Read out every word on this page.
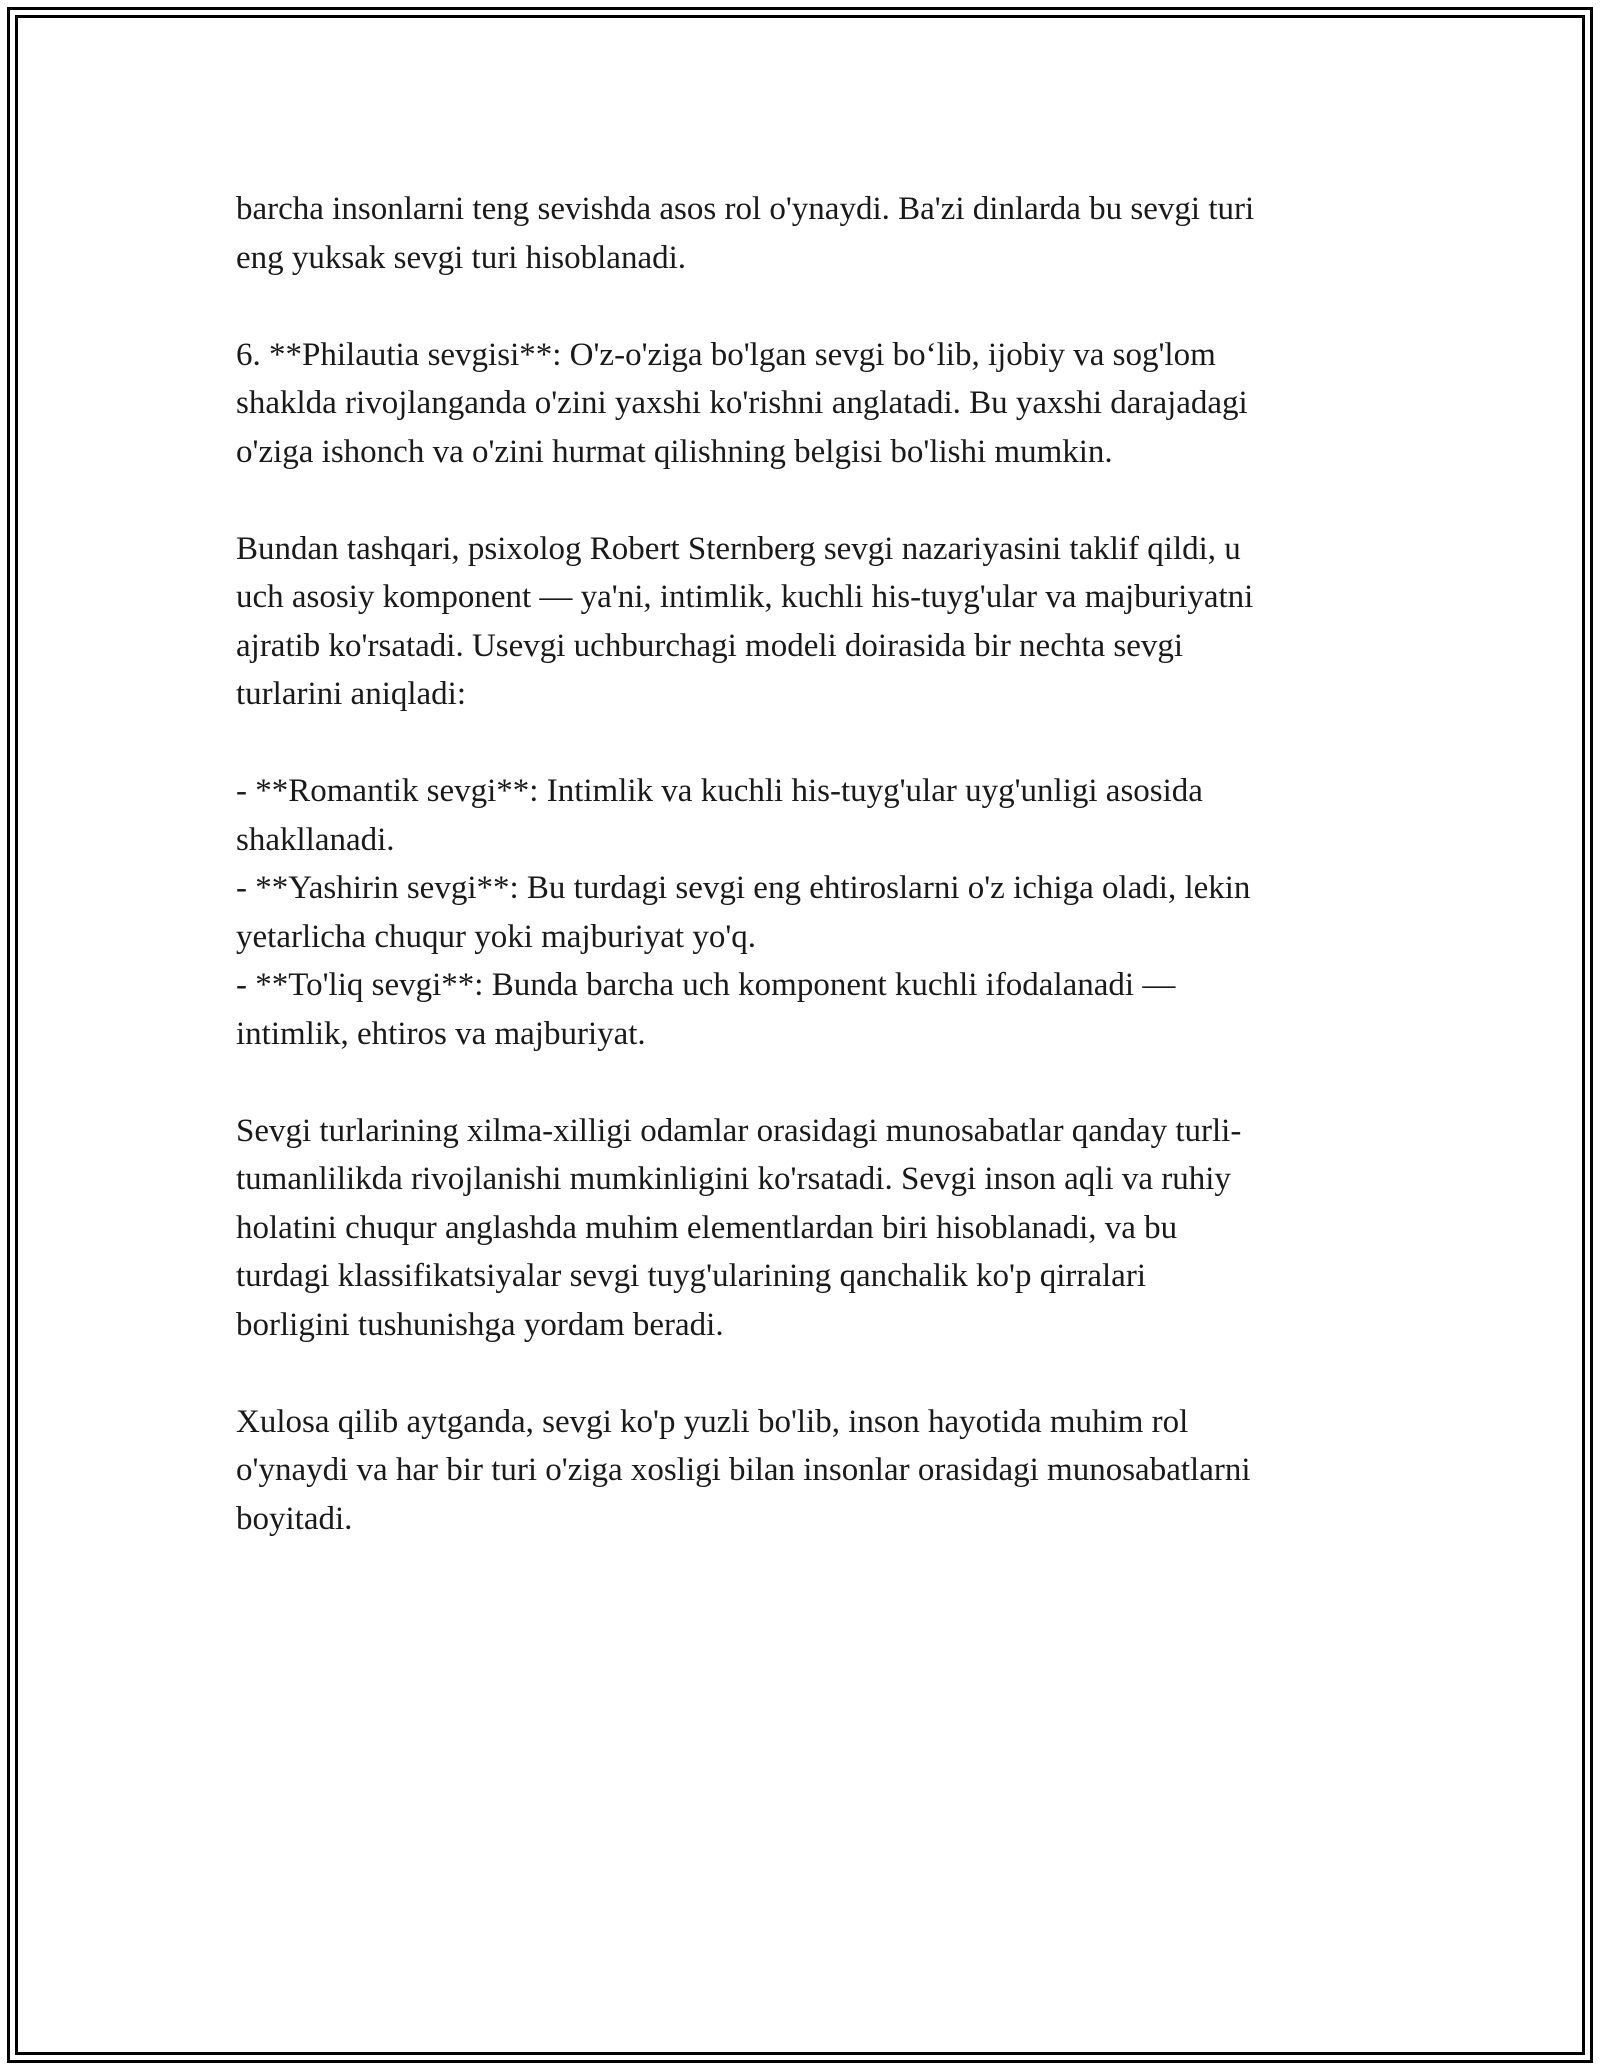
barcha insonlarni teng sevishda asos rol o'ynaydi. Ba'zi dinlarda bu sevgi turi
eng yuksak sevgi turi hisoblanadi.

6. **Philautia sevgisi**: O'z-o'ziga bo'lgan sevgi bo‘lib, ijobiy va sog'lom
shaklda rivojlanganda o'zini yaxshi ko'rishni anglatadi. Bu yaxshi darajadagi
o'ziga ishonch va o'zini hurmat qilishning belgisi bo'lishi mumkin.

Bundan tashqari, psixolog Robert Sternberg sevgi nazariyasini taklif qildi, u
uch asosiy komponent — ya'ni, intimlik, kuchli his-tuyg'ular va majburiyatni
ajratib ko'rsatadi. Usevgi uchburchagi modeli doirasida bir nechta sevgi
turlarini aniqladi:

- **Romantik sevgi**: Intimlik va kuchli his-tuyg'ular uyg'unligi asosida
shakllanadi.
- **Yashirin sevgi**: Bu turdagi sevgi eng ehtiroslarni o'z ichiga oladi, lekin
yetarlicha chuqur yoki majburiyat yo'q.
- **To'liq sevgi**: Bunda barcha uch komponent kuchli ifodalanadi —
intimlik, ehtiros va majburiyat.

Sevgi turlarining xilma-xilligi odamlar orasidagi munosabatlar qanday turli-
tumanlilikda rivojlanishi mumkinligini ko'rsatadi. Sevgi inson aqli va ruhiy
holatini chuqur anglashda muhim elementlardan biri hisoblanadi, va bu
turdagi klassifikatsiyalar sevgi tuyg'ularining qanchalik ko'p qirralari
borligini tushunishga yordam beradi.

Xulosa qilib aytganda, sevgi ko'p yuzli bo'lib, inson hayotida muhim rol
o'ynaydi va har bir turi o'ziga xosligi bilan insonlar orasidagi munosabatlarni
boyitadi.
